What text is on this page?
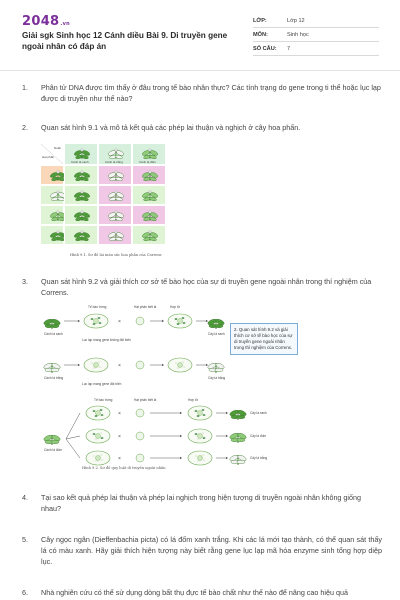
2048.vn
Giải sgk Sinh học 12 Cánh diều Bài 9. Di truyền gene ngoài nhân có đáp án
LỚP:	Lớp 12
MÔN:	Sinh học
SỐ CÂU:	7
1.	Phân tử DNA được tìm thấy ở đâu trong tế bào nhân thực? Các tính trạng do gene trong ti thể hoặc lục lạp được di truyền như thế nào?
2.	Quan sát hình 9.1 và mô tả kết quả các phép lai thuận và nghịch ở cây hoa phấn.
Noãn
Hạt phấn
Cành lá xanh	Cành lá trắng	Cành lá đốm
Hình 9.1. Sơ đồ lai màu sắc hoa phấn của Correns
3.	Quan sát hình 9.2 và giải thích cơ sở tế bào học của sự di truyền gene ngoài nhân trong thí nghiệm của Correns.
Tế bào trứng	Hạt phấn biết lá	Hợp tử
Cành lá xanh
×
Cây lá xanh
Cành lá trắng
×
Cây lá trắng
Lục lạp mang gene không đột biến
Lục lạp mang gene đột biến
Tế bào trứng	Hạt phấn biết lá	Hợp tử
Cành lá đốm
×	Cây lá xanh
×	Cây lá đốm
×	Cây lá trắng
2. Quan sát hình 9.2 và giải thích cơ sở tế bào học của sự di truyền gene ngoài nhân trong thí nghiệm của Correns.
Hình 9.2. Sơ đồ quy luật di truyền ngoài nhân
4.	Tại sao kết quả phép lai thuận và phép lai nghịch trong hiện tượng di truyền ngoài nhân không giống nhau?
5.	Cây ngọc ngân (Dieffenbachia picta) có lá đốm xanh trắng. Khi các lá mới tạo thành, có thể quan sát thấy lá có màu xanh. Hãy giải thích hiện tượng này biết rằng gene lục lạp mã hóa enzyme sinh tổng hợp diệp lục.
6.	Nhà nghiên cứu có thể sử dụng dòng bất thụ đực tế bào chất như thế nào để nâng cao hiệu quả
